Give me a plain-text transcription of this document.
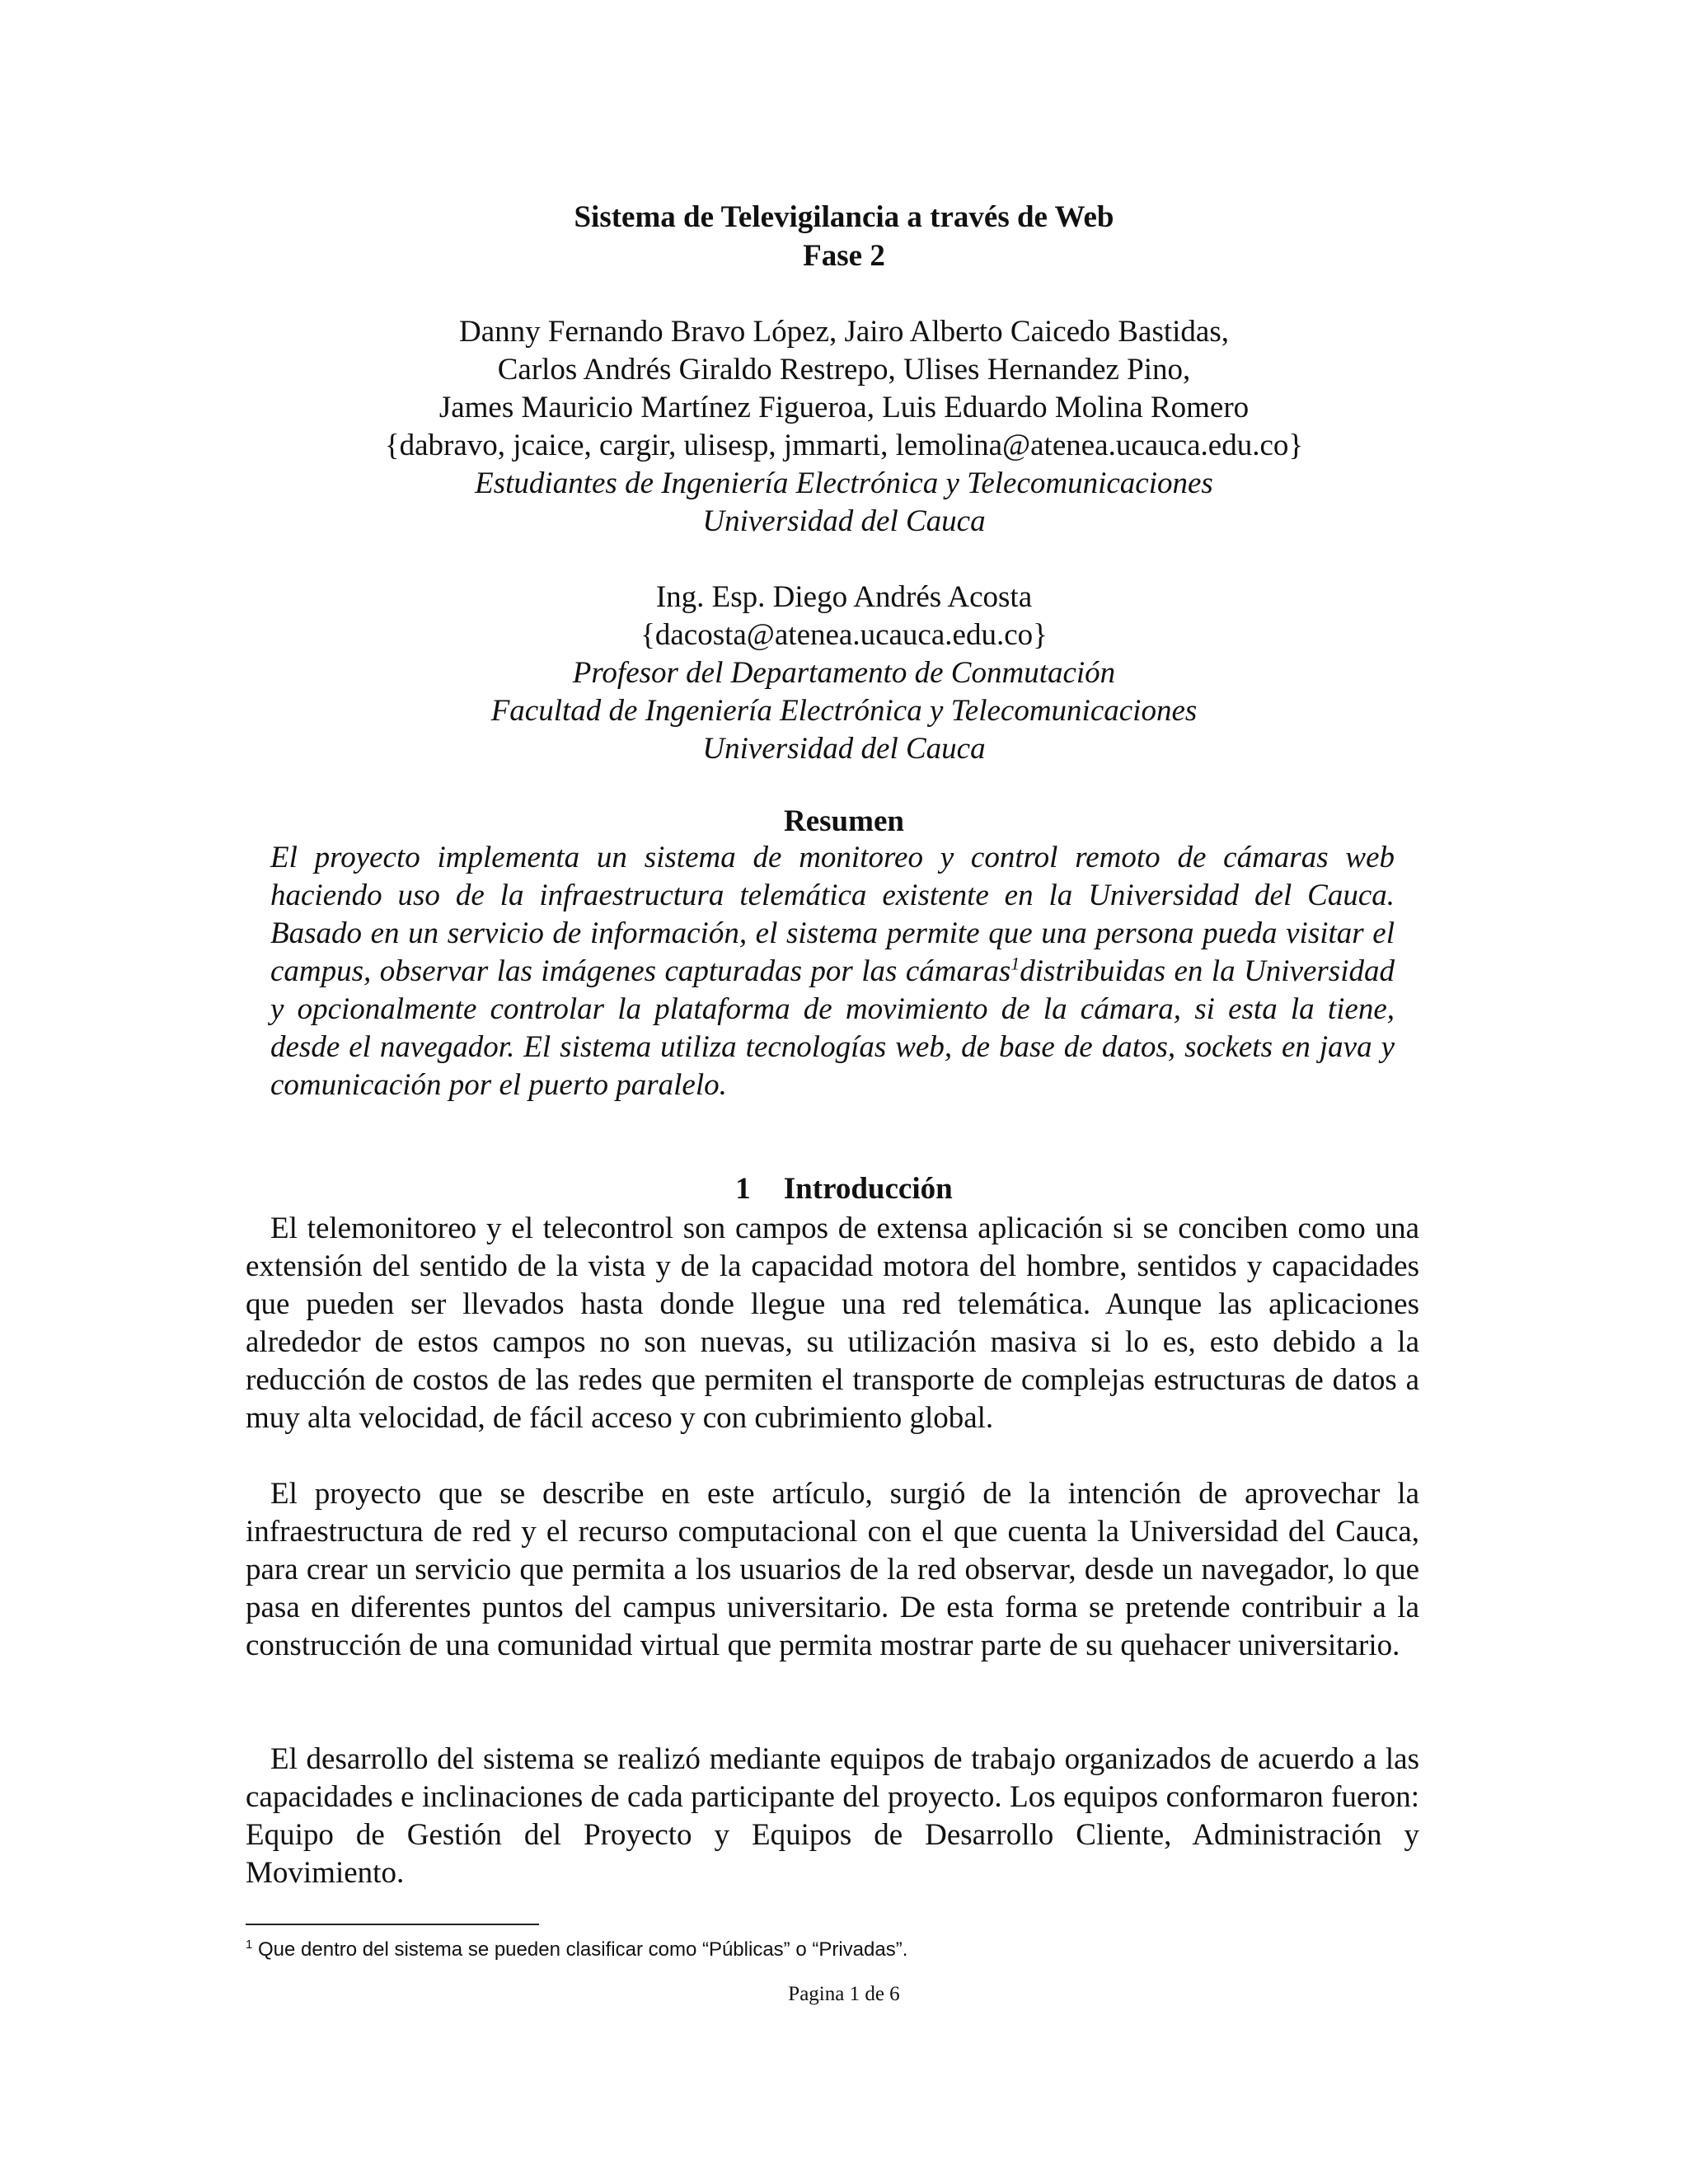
Sistema de Televigilancia a través de Web
Fase 2
Danny Fernando Bravo López, Jairo Alberto Caicedo Bastidas,
Carlos Andrés Giraldo Restrepo, Ulises Hernandez Pino,
James Mauricio Martínez Figueroa, Luis Eduardo Molina Romero
{dabravo, jcaice, cargir, ulisesp, jmmarti, lemolina@atenea.ucauca.edu.co}
Estudiantes de Ingeniería Electrónica y Telecomunicaciones
Universidad del Cauca
Ing. Esp. Diego Andrés Acosta
{dacosta@atenea.ucauca.edu.co}
Profesor del Departamento de Conmutación
Facultad de Ingeniería Electrónica y Telecomunicaciones
Universidad del Cauca
Resumen
El proyecto implementa un sistema de monitoreo y control remoto de cámaras web haciendo uso de la infraestructura telemática existente en la Universidad del Cauca. Basado en un servicio de información, el sistema permite que una persona pueda visitar el campus, observar las imágenes capturadas por las cámaras$^1$distribuidas en la Universidad y opcionalmente controlar la plataforma de movimiento de la cámara, si esta la tiene, desde el navegador. El sistema utiliza tecnologías web, de base de datos, sockets en java y comunicación por el puerto paralelo.
1 Introducción
El telemonitoreo y el telecontrol son campos de extensa aplicación si se conciben como una extensión del sentido de la vista y de la capacidad motora del hombre, sentidos y capacidades que pueden ser llevados hasta donde llegue una red telemática. Aunque las aplicaciones alrededor de estos campos no son nuevas, su utilización masiva si lo es, esto debido a la reducción de costos de las redes que permiten el transporte de complejas estructuras de datos a muy alta velocidad, de fácil acceso y con cubrimiento global.
El proyecto que se describe en este artículo, surgió de la intención de aprovechar la infraestructura de red y el recurso computacional con el que cuenta la Universidad del Cauca, para crear un servicio que permita a los usuarios de la red observar, desde un navegador, lo que pasa en diferentes puntos del campus universitario. De esta forma se pretende contribuir a la construcción de una comunidad virtual que permita mostrar parte de su quehacer universitario.
El desarrollo del sistema se realizó mediante equipos de trabajo organizados de acuerdo a las capacidades e inclinaciones de cada participante del proyecto. Los equipos conformaron fueron: Equipo de Gestión del Proyecto y Equipos de Desarrollo Cliente, Administración y Movimiento.
$^1$ Que dentro del sistema se pueden clasificar como “Públicas” o “Privadas”.
Pagina 1 de 6
